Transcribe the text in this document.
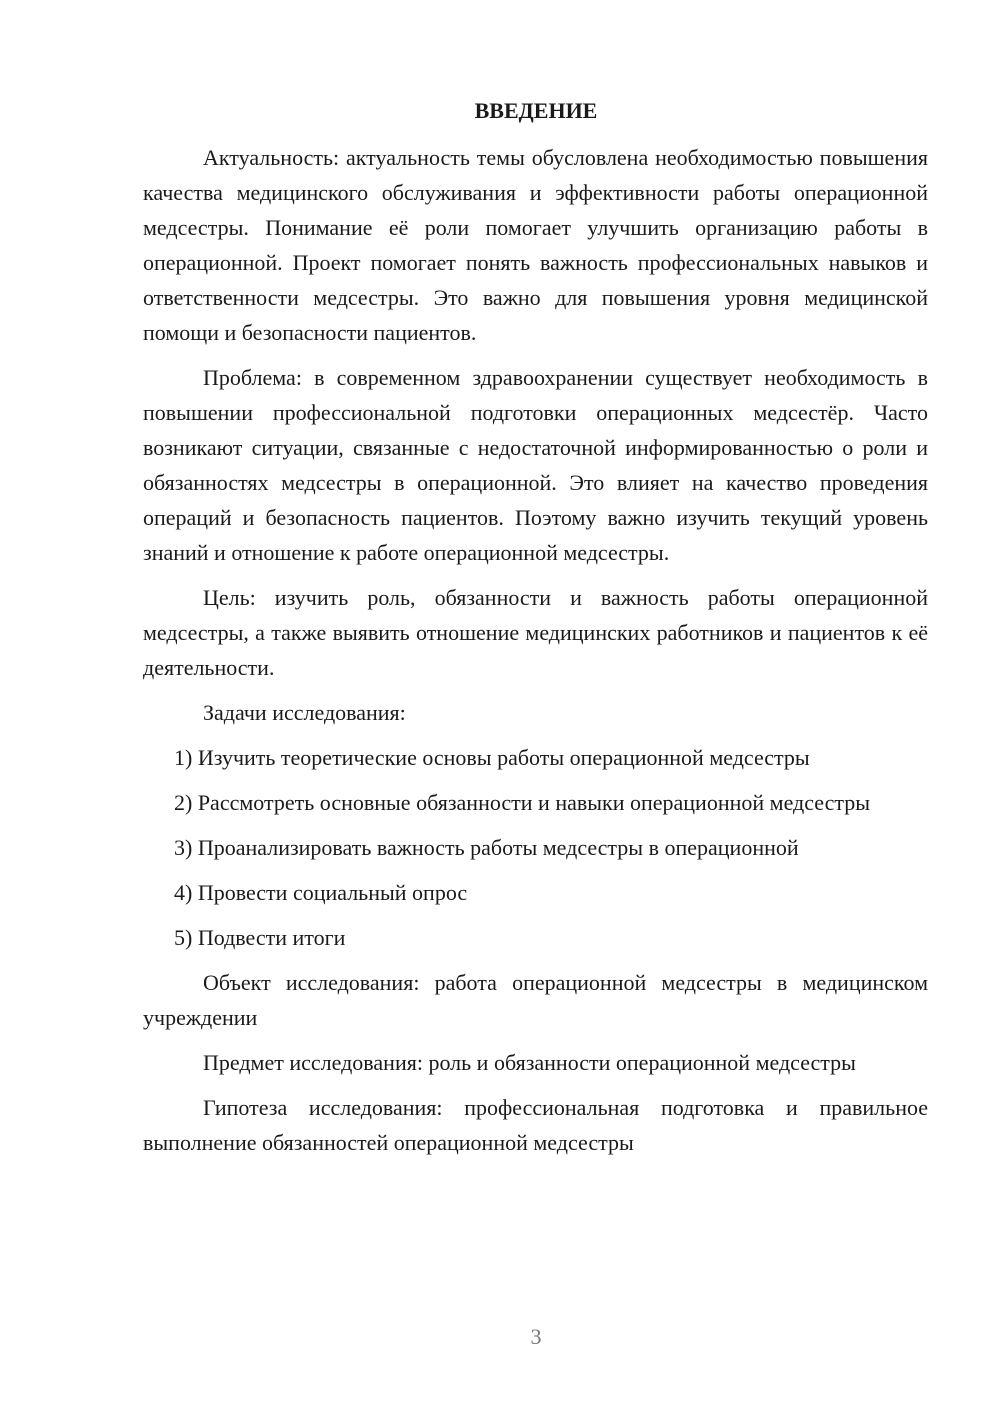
ВВЕДЕНИЕ

Актуальность: актуальность темы обусловлена необходимостью повышения качества медицинского обслуживания и эффективности работы операционной медсестры. Понимание её роли помогает улучшить организацию работы в операционной. Проект помогает понять важность профессиональных навыков и ответственности медсестры. Это важно для повышения уровня медицинской помощи и безопасности пациентов.

Проблема: в современном здравоохранении существует необходимость в повышении профессиональной подготовки операционных медсестёр. Часто возникают ситуации, связанные с недостаточной информированностью о роли и обязанностях медсестры в операционной. Это влияет на качество проведения операций и безопасность пациентов. Поэтому важно изучить текущий уровень знаний и отношение к работе операционной медсестры.

Цель: изучить роль, обязанности и важность работы операционной медсестры, а также выявить отношение медицинских работников и пациентов к её деятельности.

Задачи исследования:

1) Изучить теоретические основы работы операционной медсестры

2) Рассмотреть основные обязанности и навыки операционной медсестры

3) Проанализировать важность работы медсестры в операционной

4) Провести социальный опрос

5) Подвести итоги

Объект исследования: работа операционной медсестры в медицинском учреждении

Предмет исследования: роль и обязанности операционной медсестры

Гипотеза исследования: профессиональная подготовка и правильное выполнение обязанностей операционной медсестры

3
